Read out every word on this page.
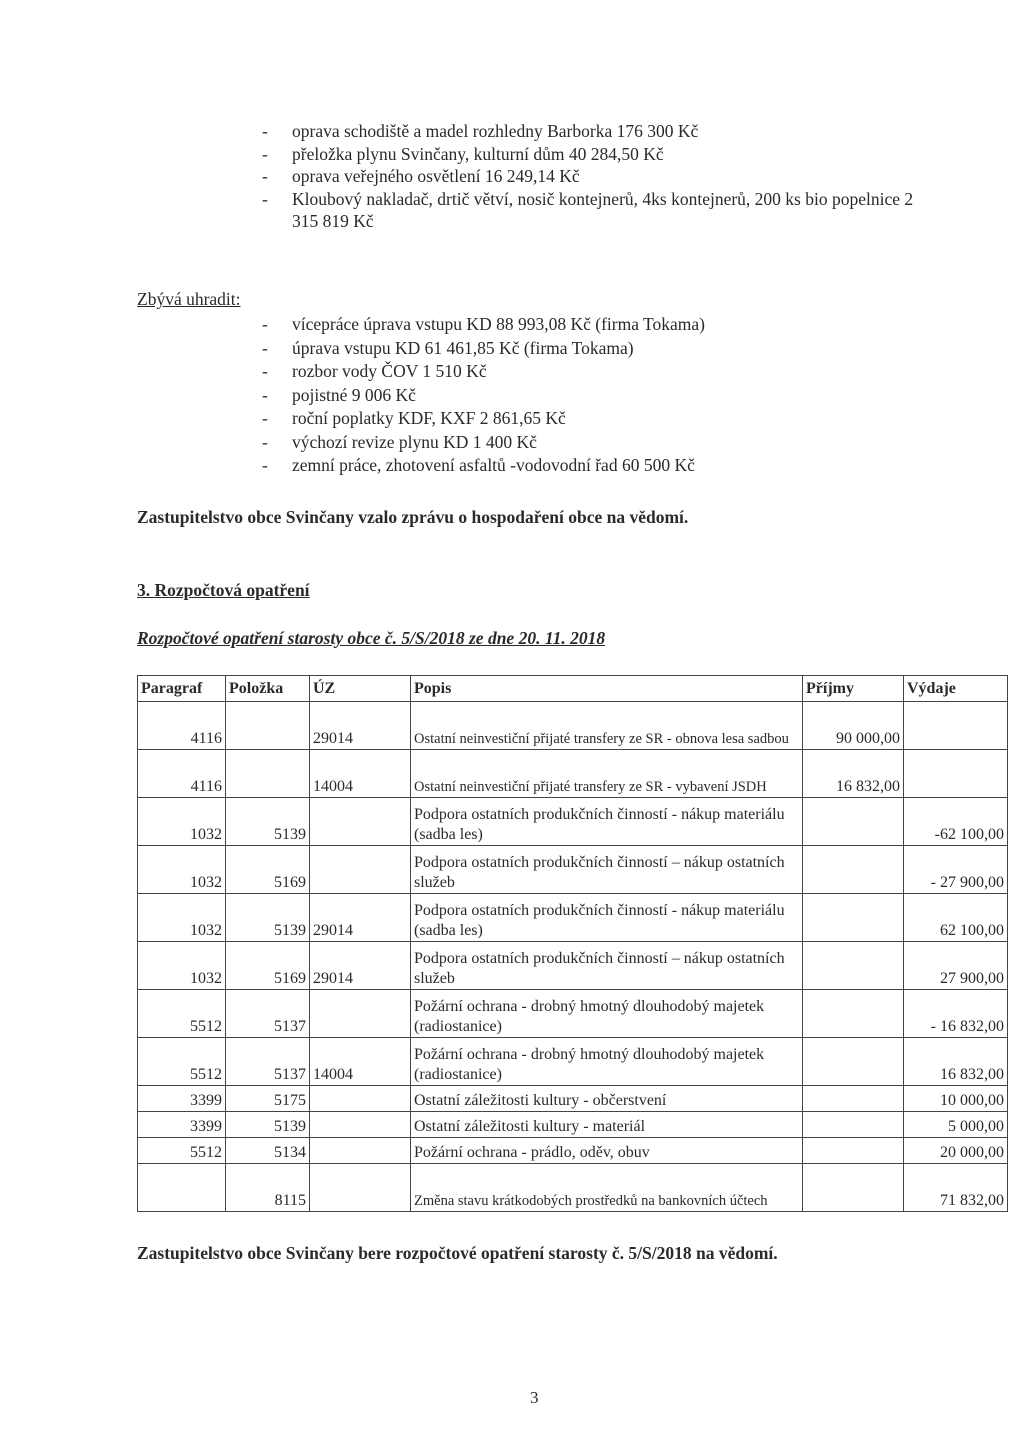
- oprava schodiště a madel rozhledny Barborka 176 300 Kč
- přeložka plynu Svinčany, kulturní dům 40 284,50 Kč
- oprava veřejného osvětlení 16 249,14 Kč
- Kloubový nakladač, drtič větví, nosič kontejnerů, 4ks kontejnerů, 200 ks bio popelnice 2 315 819 Kč
Zbývá uhradit:
- vícepráce úprava vstupu KD 88 993,08 Kč (firma Tokama)
- úprava vstupu KD 61 461,85 Kč (firma Tokama)
- rozbor vody ČOV 1 510 Kč
- pojistné 9 006 Kč
- roční poplatky KDF, KXF 2 861,65 Kč
- výchozí revize plynu KD 1 400 Kč
- zemní práce, zhotovení asfaltů -vodovodní řad 60 500 Kč
Zastupitelstvo obce Svinčany vzalo zprávu o hospodaření obce na vědomí.
3. Rozpočtová opatření
Rozpočtové opatření starosty obce č. 5/S/2018 ze dne 20. 11. 2018
Paragraf	Položka	ÚZ	Popis	Příjmy	Výdaje
4116		29014	Ostatní neinvestiční přijaté transfery ze SR - obnova lesa sadbou	90 000,00	
4116		14004	Ostatní neinvestiční přijaté transfery ze SR - vybavení JSDH	16 832,00	
1032	5139		Podpora ostatních produkčních činností - nákup materiálu (sadba les)		-62 100,00
1032	5169		Podpora ostatních produkčních činností – nákup ostatních služeb		- 27 900,00
1032	5139	29014	Podpora ostatních produkčních činností - nákup materiálu (sadba les)		62 100,00
1032	5169	29014	Podpora ostatních produkčních činností – nákup ostatních služeb		27 900,00
5512	5137		Požární ochrana - drobný hmotný dlouhodobý majetek (radiostanice)		- 16 832,00
5512	5137	14004	Požární ochrana - drobný hmotný dlouhodobý majetek (radiostanice)		16 832,00
3399	5175		Ostatní záležitosti kultury - občerstvení		10 000,00
3399	5139		Ostatní záležitosti kultury - materiál		5 000,00
5512	5134		Požární ochrana - prádlo, oděv, obuv		20 000,00
	8115		Změna stavu krátkodobých prostředků na bankovních účtech		71 832,00
Zastupitelstvo obce Svinčany bere rozpočtové opatření starosty č. 5/S/2018 na vědomí.
3
